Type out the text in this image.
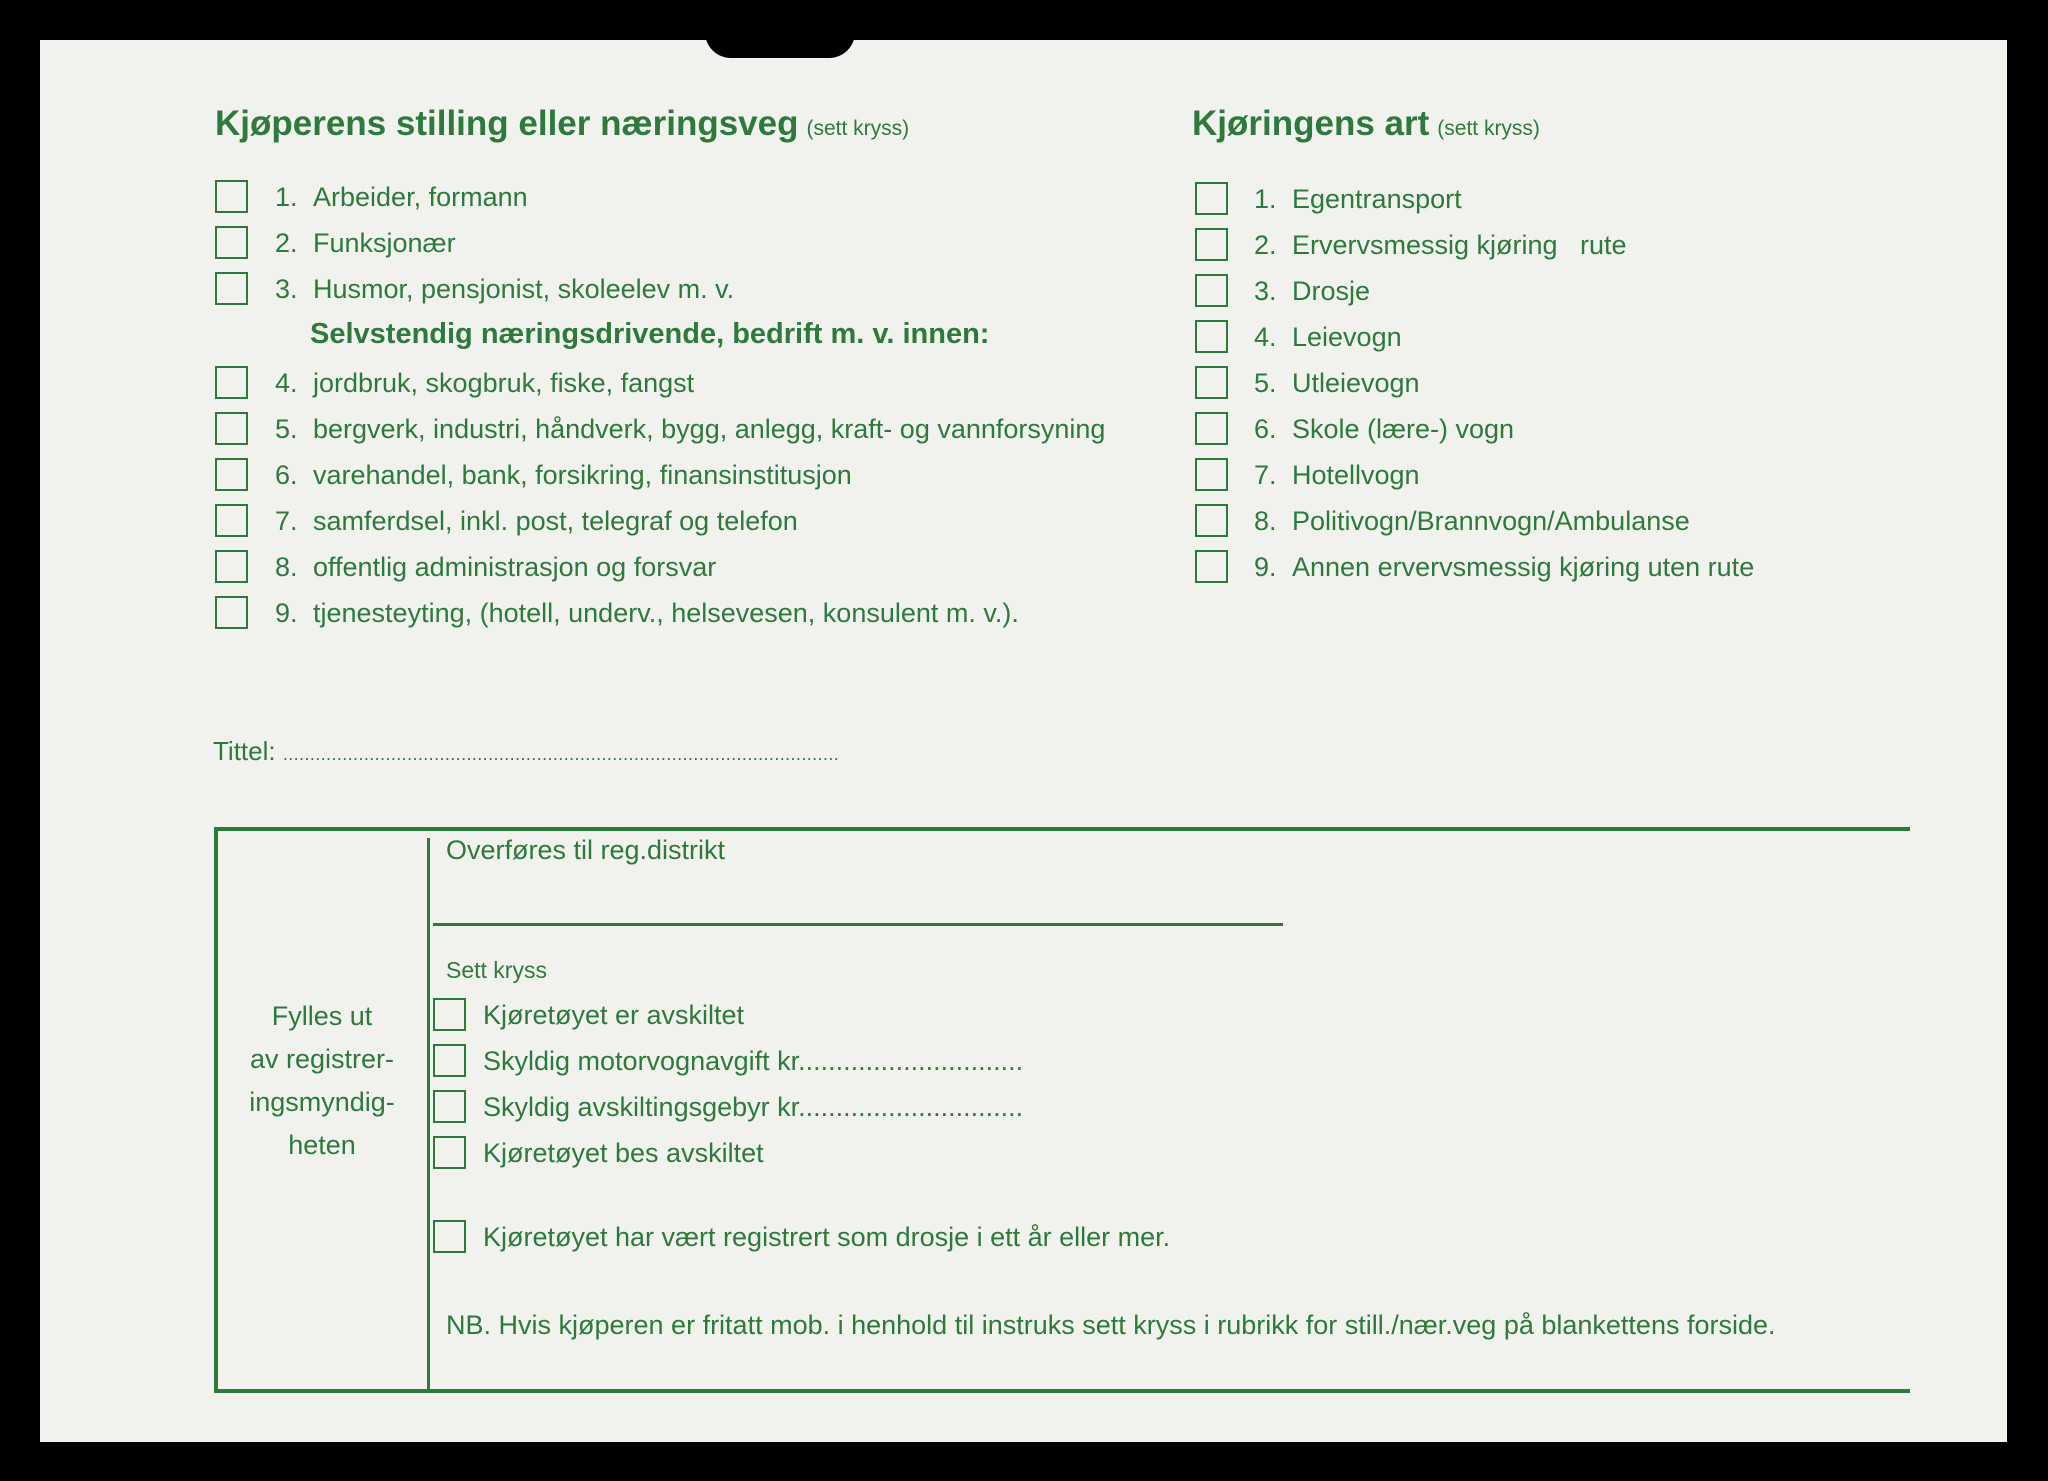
Kjøperens stilling eller næringsveg (sett kryss)
1. Arbeider, formann
2. Funksjonær
3. Husmor, pensjonist, skoleelev m. v.
4. jordbruk, skogbruk, fiske, fangst
5. bergverk, industri, håndverk, bygg, anlegg, kraft- og vannforsyning
6. varehandel, bank, forsikring, finansinstitusjon
7. samferdsel, inkl. post, telegraf og telefon
8. offentlig administrasjon og forsvar
9. tjenesteyting, (hotell, underv., helsevesen, konsulent m. v.).
Selvstendig næringsdrivende, bedrift m. v. innen:
Kjøringens art (sett kryss)
1. Egentransport
2. Ervervsmessig kjøring   rute
3. Drosje
4. Leievogn
5. Utleievogn
6. Skole (lære-) vogn
7. Hotellvogn
8. Politivogn/Brannvogn/Ambulanse
9. Annen ervervsmessig kjøring uten rute
Tittel: .......................................................................................................
Fylles ut
av registrer-
ingsmyndig-
heten
Overføres til reg.distrikt
Sett kryss
Kjøretøyet er avskiltet
Skyldig motorvognavgift kr..............................
Skyldig avskiltingsgebyr kr..............................
Kjøretøyet bes avskiltet
Kjøretøyet har vært registrert som drosje i ett år eller mer.
NB. Hvis kjøperen er fritatt mob. i henhold til instruks sett kryss i rubrikk for still./nær.veg på blankettens forside.
